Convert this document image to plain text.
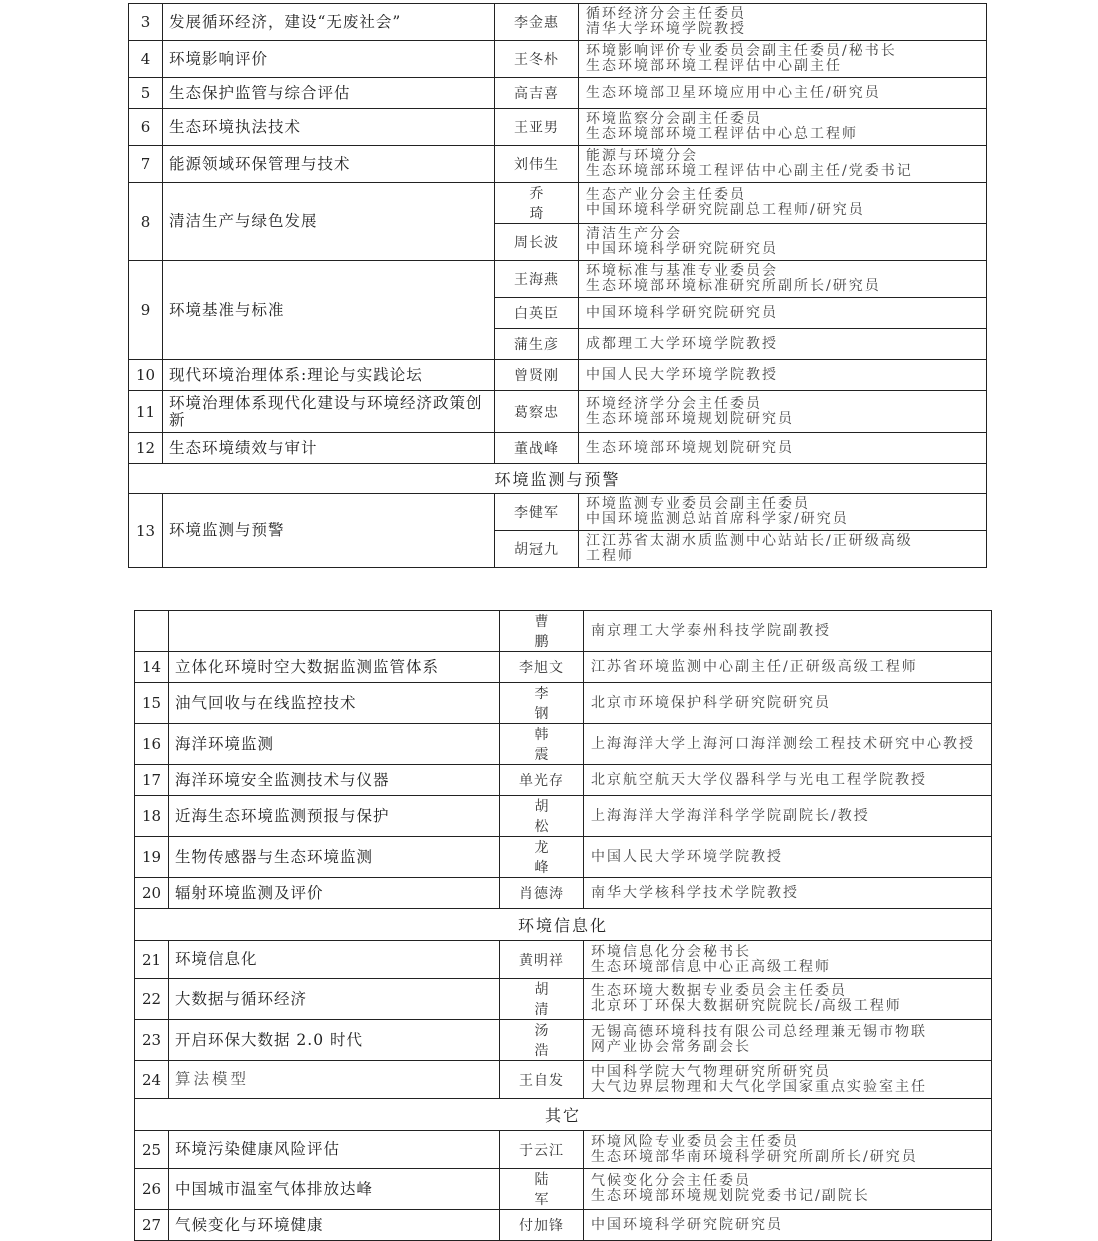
3	发展循环经济，建设“无废社会”	李金惠	循环经济分会主任委员
清华大学环境学院教授

4	环境影响评价	王冬朴	环境影响评价专业委员会副主任委员/秘书长
生态环境部环境工程评估中心副主任

5	生态保护监管与综合评估	高吉喜	生态环境部卫星环境应用中心主任/研究员

6	生态环境执法技术	王亚男	环境监察分会副主任委员
生态环境部环境工程评估中心总工程师

7	能源领域环保管理与技术	刘伟生	能源与环境分会
生态环境部环境工程评估中心副主任/党委书记

8	清洁生产与绿色发展	乔 琦	生态产业分会主任委员
中国环境科学研究院副总工程师/研究员

		周长波	清洁生产分会
中国环境科学研究院研究员

9	环境基准与标准	王海燕	环境标准与基准专业委员会
生态环境部环境标准研究所副所长/研究员

		白英臣	中国环境科学研究院研究员

		蒲生彦	成都理工大学环境学院教授

10	现代环境治理体系:理论与实践论坛	曾贤刚	中国人民大学环境学院教授

11	环境治理体系现代化建设与环境经济政策创新	葛察忠	环境经济学分会主任委员
生态环境部环境规划院研究员

12	生态环境绩效与审计	董战峰	生态环境部环境规划院研究员

环境监测与预警			
13	环境监测与预警	李健军	环境监测专业委员会副主任委员
中国环境监测总站首席科学家/研究员

		胡冠九	江江苏省太湖水质监测中心站站长/正研级高级
工程师
		曹 鹏	南京理工大学泰州科技学院副教授

14	立体化环境时空大数据监测监管体系	李旭文	江苏省环境监测中心副主任/正研级高级工程师

15	油气回收与在线监控技术	李 钢	北京市环境保护科学研究院研究员

16	海洋环境监测	韩 震	上海海洋大学上海河口海洋测绘工程技术研究中心教授

17	海洋环境安全监测技术与仪器	单光存	北京航空航天大学仪器科学与光电工程学院教授

18	近海生态环境监测预报与保护	胡 松	上海海洋大学海洋科学学院副院长/教授

19	生物传感器与生态环境监测	龙 峰	中国人民大学环境学院教授

20	辐射环境监测及评价	肖德涛	南华大学核科学技术学院教授

环境信息化			
21	环境信息化	黄明祥	环境信息化分会秘书长
生态环境部信息中心正高级工程师

22	大数据与循环经济	胡 清	生态环境大数据专业委员会主任委员
北京环丁环保大数据研究院院长/高级工程师

23	开启环保大数据 2.0 时代	汤 浩	无锡高德环境科技有限公司总经理兼无锡市物联
网产业协会常务副会长

24	算法模型	王自发	中国科学院大气物理研究所研究员
大气边界层物理和大气化学国家重点实验室主任

其它			
25	环境污染健康风险评估	于云江	环境风险专业委员会主任委员
生态环境部华南环境科学研究所副所长/研究员

26	中国城市温室气体排放达峰	陆 军	气候变化分会主任委员
生态环境部环境规划院党委书记/副院长

27	气候变化与环境健康	付加锋	中国环境科学研究院研究员
